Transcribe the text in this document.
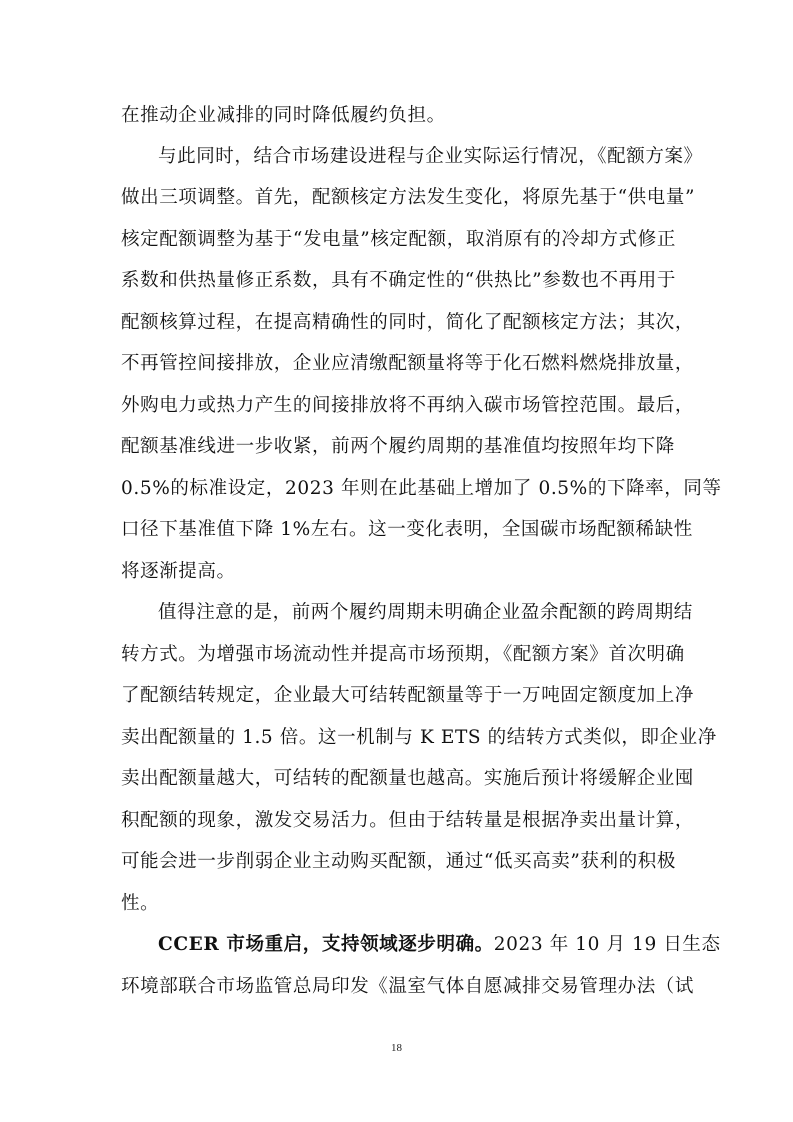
在推动企业减排的同时降低履约负担。
与此同时，结合市场建设进程与企业实际运行情况，《配额方案》
做出三项调整。首先，配额核定方法发生变化，将原先基于“供电量”
核定配额调整为基于“发电量”核定配额，取消原有的冷却方式修正
系数和供热量修正系数，具有不确定性的“供热比”参数也不再用于
配额核算过程，在提高精确性的同时，简化了配额核定方法；其次，
不再管控间接排放，企业应清缴配额量将等于化石燃料燃烧排放量，
外购电力或热力产生的间接排放将不再纳入碳市场管控范围。最后，
配额基准线进一步收紧，前两个履约周期的基准值均按照年均下降
0.5%的标准设定，2023 年则在此基础上增加了 0.5%的下降率，同等
口径下基准值下降 1%左右。这一变化表明，全国碳市场配额稀缺性
将逐渐提高。
值得注意的是，前两个履约周期未明确企业盈余配额的跨周期结
转方式。为增强市场流动性并提高市场预期，《配额方案》首次明确
了配额结转规定，企业最大可结转配额量等于一万吨固定额度加上净
卖出配额量的 1.5 倍。这一机制与 K ETS 的结转方式类似，即企业净
卖出配额量越大，可结转的配额量也越高。实施后预计将缓解企业囤
积配额的现象，激发交易活力。但由于结转量是根据净卖出量计算，
可能会进一步削弱企业主动购买配额，通过“低买高卖”获利的积极
性。
CCER 市场重启，支持领域逐步明确。2023 年 10 月 19 日生态
环境部联合市场监管总局印发《温室气体自愿减排交易管理办法（试
18
